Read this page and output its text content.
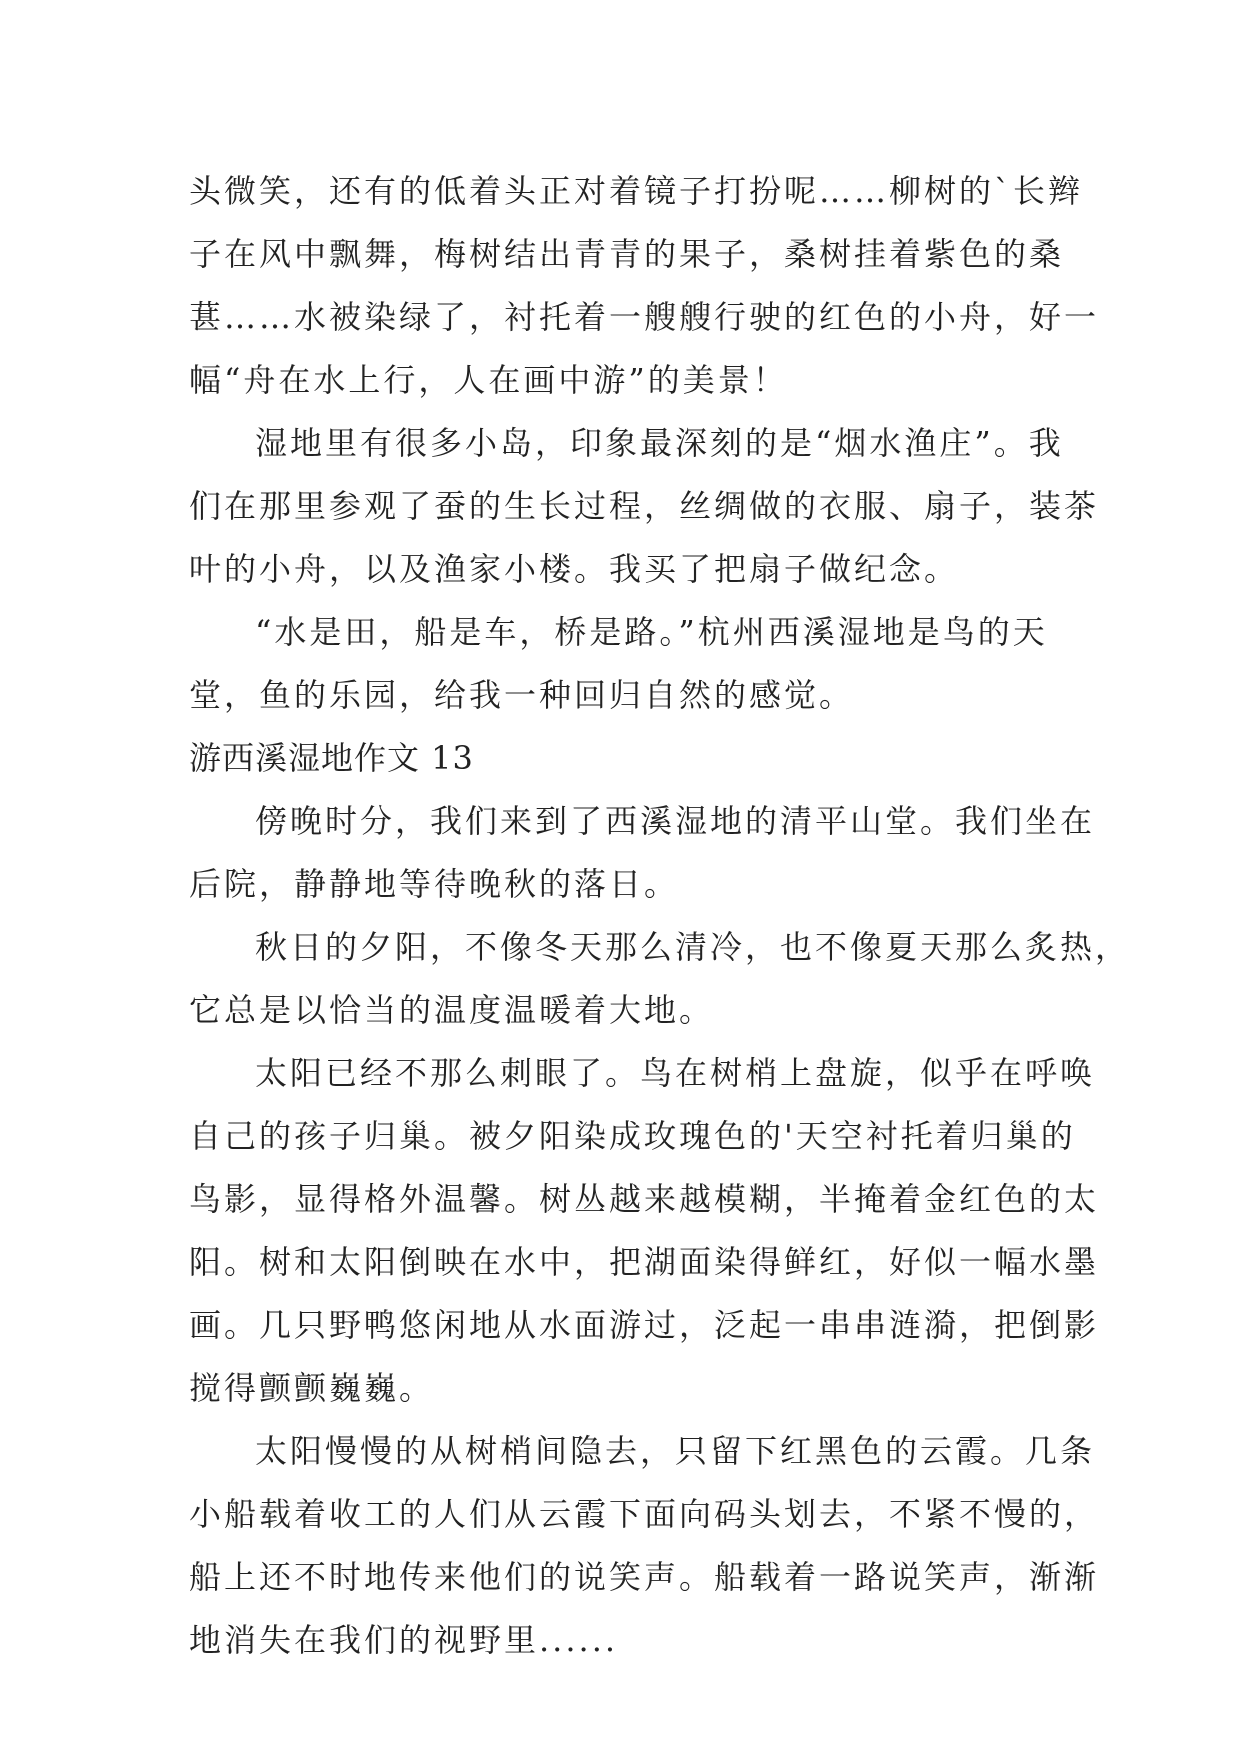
头微笑，还有的低着头正对着镜子打扮呢……柳树的`长辫
子在风中飘舞，梅树结出青青的果子，桑树挂着紫色的桑
葚……水被染绿了，衬托着一艘艘行驶的红色的小舟，好一
幅“舟在水上行，人在画中游”的美景！
湿地里有很多小岛，印象最深刻的是“烟水渔庄”。我
们在那里参观了蚕的生长过程，丝绸做的衣服、扇子，装茶
叶的小舟，以及渔家小楼。我买了把扇子做纪念。
“水是田，船是车，桥是路。”杭州西溪湿地是鸟的天
堂，鱼的乐园，给我一种回归自然的感觉。
游西溪湿地作文 13
傍晚时分，我们来到了西溪湿地的清平山堂。我们坐在
后院，静静地等待晚秋的落日。
秋日的夕阳，不像冬天那么清冷，也不像夏天那么炙热，
它总是以恰当的温度温暖着大地。
太阳已经不那么刺眼了。鸟在树梢上盘旋，似乎在呼唤
自己的孩子归巢。被夕阳染成玫瑰色的'天空衬托着归巢的
鸟影，显得格外温馨。树丛越来越模糊，半掩着金红色的太
阳。树和太阳倒映在水中，把湖面染得鲜红，好似一幅水墨
画。几只野鸭悠闲地从水面游过，泛起一串串涟漪，把倒影
搅得颤颤巍巍。
太阳慢慢的从树梢间隐去，只留下红黑色的云霞。几条
小船载着收工的人们从云霞下面向码头划去，不紧不慢的，
船上还不时地传来他们的说笑声。船载着一路说笑声，渐渐
地消失在我们的视野里......
